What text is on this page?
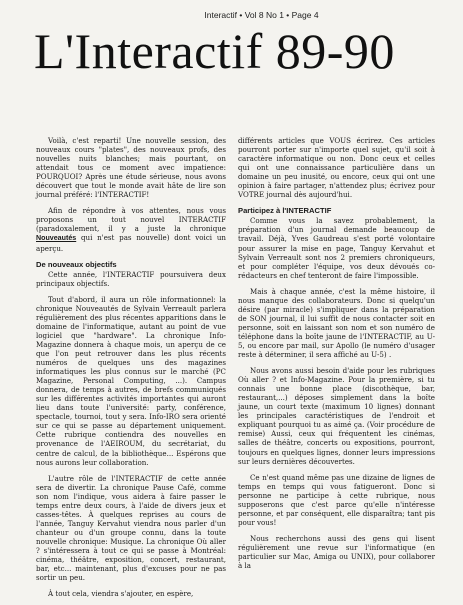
Interactif • Vol 8 No 1 • Page 4
L'Interactif 89-90

Voilà, c'est reparti! Une nouvelle session, des nouveaux cours "plates", des nouveaux profs, des nouvelles nuits blanches; mais pourtant, on attendait tous ce moment avec impatience: POURQUOI? Après une étude sérieuse, nous avons découvert que tout le monde avait hâte de lire son journal préféré: l'INTERACTIF!

Afin de répondre à vos attentes, nous vous proposons un tout nouvel INTERACTIF (paradoxalement, il y a juste la chronique Nouveautés qui n'est pas nouvelle) dont voici un aperçu.

De nouveaux objectifs

Cette année, l'INTERACTIF poursuivera deux principaux objectifs.

Tout d'abord, il aura un rôle informationnel: la chronique Nouveautés de Sylvain Verreault parlera régulièrement des plus récentes apparitions dans le domaine de l'informatique, autant au point de vue logiciel que "hardware". La chronique Info-Magazine donnera à chaque mois, un aperçu de ce que l'on peut retrouver dans les plus récents numéros de quelques uns des magazines informatiques les plus connus sur le marché (PC Magazine, Personal Computing, ...). Campus donnera, de temps à autres, de brefs communiqués sur les différentes activités importantes qui auront lieu dans toute l'université: party, conférence, spectacle, tournoi, tout y sera. Info-IRO sera orienté sur ce qui se passe au département uniquement. Cette rubrique contiendra des nouvelles en provenance de l'AEIROUM, du secrétariat, du centre de calcul, de la bibliothèque... Espérons que nous aurons leur collaboration.

L'autre rôle de l'INTERACTIF de cette année sera de divertir. La chronique Pause Café, comme son nom l'indique, vous aidera à faire passer le temps entre deux cours, à l'aide de divers jeux et casses-têtes. À quelques reprises au cours de l'année, Tanguy Kervahut viendra nous parler d'un chanteur ou d'un groupe connu, dans la toute nouvelle chronique: Musique. La chronique Où aller ? s'intéressera à tout ce qui se passe à Montréal: cinéma, théâtre, exposition, concert, restaurant, bar, etc... maintenant, plus d'excuses pour ne pas sortir un peu.

À tout cela, viendra s'ajouter, en espère,

différents articles que VOUS écrirez. Ces articles pourront porter sur n'importe quel sujet, qu'il soit à caractère informatique ou non. Donc ceux et celles qui ont une connaissance particulière dans un domaine un peu inusité, ou encore, ceux qui ont une opinion à faire partager, n'attendez plus; écrivez pour VOTRE journal dès aujourd'hui.

Participez à l'INTERACTIF

Comme vous la savez probablement, la préparation d'un journal demande beaucoup de travail. Déjà, Yves Gaudreau s'est porté volontaire pour assurer la mise en page, Tanguy Kervahut et Sylvain Verreault sont nos 2 premiers chroniqueurs, et pour compléter l'équipe, vos deux dévoués co-rédacteurs en chef tenteront de faire l'impossible.

Mais à chaque année, c'est la même histoire, il nous manque des collaborateurs. Donc si quelqu'un désire (par miracle) s'impliquer dans la préparation de SON journal, il lui suffit de nous contacter soit en personne, soit en laissant son nom et son numéro de téléphone dans la boîte jaune de l'INTERACTIF, au U-5, ou encore par mail, sur Apollo (le numéro d'usager reste à déterminer, il sera affiché au U-5) .

Nous avons aussi besoin d'aide pour les rubriques Où aller ? et Info-Magazine. Pour la première, si tu connais une bonne place (discothèque, bar, restaurant,...) déposes simplement dans la boîte jaune, un court texte (maximum 10 lignes) donnant les principales caractéristiques de l'endroit et expliquant pourquoi tu as aimé ça. (Voir procédure de remise) Aussi, ceux qui fréquentent les cinémas, salles de théâtre, concerts ou expositions, pourront, toujours en quelques lignes, donner leurs impressions sur leurs dernières découvertes.

Ce n'est quand même pas une dizaine de lignes de temps en temps qui vous fatigueront. Donc si personne ne participe à cette rubrique, nous supposerons que c'est parce qu'elle n'intéresse personne, et par conséquent, elle disparaîtra; tant pis pour vous!

Nous recherchons aussi des gens qui lisent régulièrement une revue sur l'informatique (en particulier sur Mac, Amiga ou UNIX), pour collaborer à la
